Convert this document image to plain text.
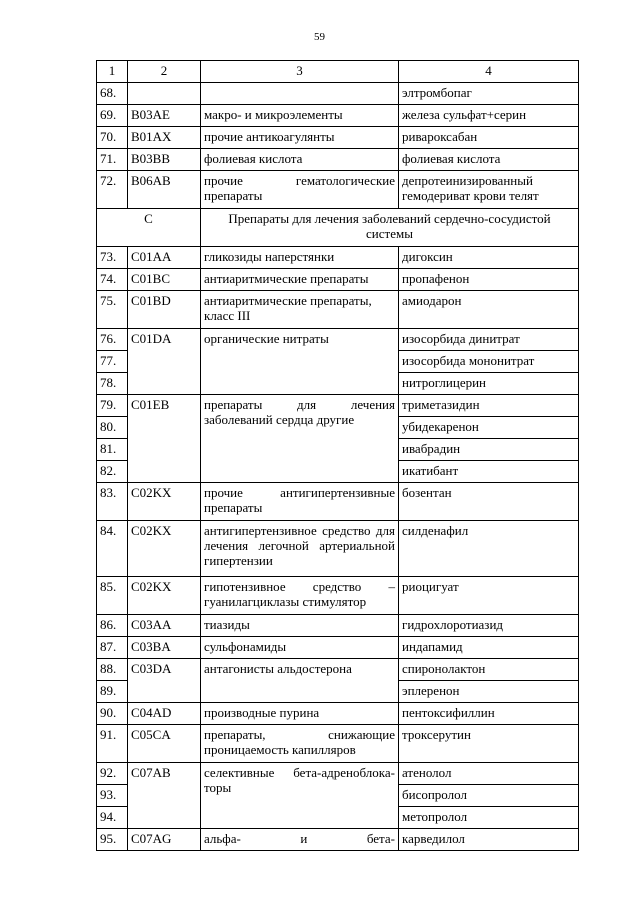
59
1	2	3	4
68.			элтромбопаг
69.	B03AE	макро- и микроэлементы	железа сульфат+серин
70.	B01AX	прочие антикоагулянты	ривароксабан
71.	B03BB	фолиевая кислота	фолиевая кислота
72.	B06AB	прочие гематологические препараты	депротеинизированный гемодериват крови телят
C		Препараты для лечения заболеваний сердечно-сосудистой системы	
73.	C01AA	гликозиды наперстянки	дигоксин
74.	C01BC	антиаритмические препараты	пропафенон
75.	C01BD	антиаритмические препараты, класс III	амиодарон
76.	C01DA	органические нитраты	изосорбида динитрат
77.			изосорбида мононитрат
78.			нитроглицерин
79.	C01EB	препараты для лечения заболеваний сердца другие	триметазидин
80.			убидекаренон
81.			ивабрадин
82.			икатибант
83.	C02KX	прочие антигипертензивные препараты	бозентан
84.	C02KX	антигипертензивное средство для лечения легочной артериальной гипертензии	силденафил
85.	C02KX	гипотензивное средство – гуанилагциклазы стимулятор	риоцигуат
86.	C03AA	тиазиды	гидрохлоротиазид
87.	C03BA	сульфонамиды	индапамид
88.	C03DA	антагонисты альдостерона	спиронолактон
89.			эплеренон
90.	C04AD	производные пурина	пентоксифиллин
91.	C05CA	препараты, снижающие проницаемость капилляров	троксерутин
92.	C07AB	селективные бета-адреноблока-торы	атенолол
93.			бисопролол
94.			метопролол
95.	C07AG	альфа- и бета-	карведилол
